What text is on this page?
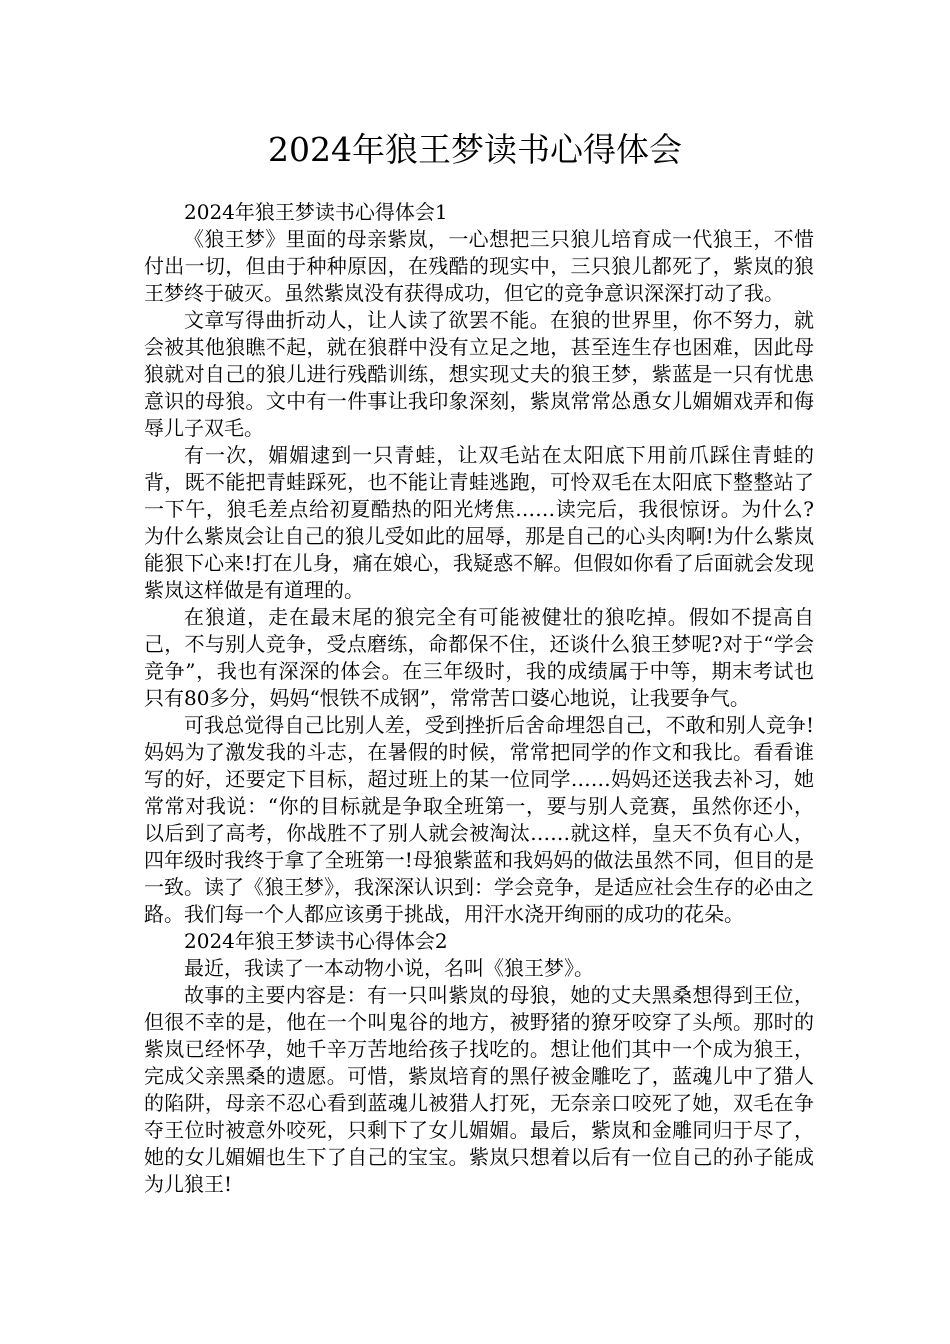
2024年狼王梦读书心得体会

2024年狼王梦读书心得体会1

《狼王梦》里面的母亲紫岚，一心想把三只狼儿培育成一代狼王，不惜付出一切，但由于种种原因，在残酷的现实中，三只狼儿都死了，紫岚的狼王梦终于破灭。虽然紫岚没有获得成功，但它的竞争意识深深打动了我。

文章写得曲折动人，让人读了欲罢不能。在狼的世界里，你不努力，就会被其他狼瞧不起，就在狼群中没有立足之地，甚至连生存也困难，因此母狼就对自己的狼儿进行残酷训练，想实现丈夫的狼王梦，紫蓝是一只有忧患意识的母狼。文中有一件事让我印象深刻，紫岚常常怂恿女儿媚媚戏弄和侮辱儿子双毛。

有一次，媚媚逮到一只青蛙，让双毛站在太阳底下用前爪踩住青蛙的背，既不能把青蛙踩死，也不能让青蛙逃跑，可怜双毛在太阳底下整整站了一下午，狼毛差点给初夏酷热的阳光烤焦……读完后，我很惊讶。为什么?为什么紫岚会让自己的狼儿受如此的屈辱，那是自己的心头肉啊!为什么紫岚能狠下心来!打在儿身，痛在娘心，我疑惑不解。但假如你看了后面就会发现紫岚这样做是有道理的。

在狼道，走在最末尾的狼完全有可能被健壮的狼吃掉。假如不提高自己，不与别人竞争，受点磨练，命都保不住，还谈什么狼王梦呢?对于“学会竞争”，我也有深深的体会。在三年级时，我的成绩属于中等，期末考试也只有80多分，妈妈“恨铁不成钢”，常常苦口婆心地说，让我要争气。

可我总觉得自己比别人差，受到挫折后舍命埋怨自己，不敢和别人竞争!妈妈为了激发我的斗志，在暑假的时候，常常把同学的作文和我比。看看谁写的好，还要定下目标，超过班上的某一位同学……妈妈还送我去补习，她常常对我说：“你的目标就是争取全班第一，要与别人竞赛，虽然你还小，以后到了高考，你战胜不了别人就会被淘汰……就这样，皇天不负有心人，四年级时我终于拿了全班第一!母狼紫蓝和我妈妈的做法虽然不同，但目的是一致。读了《狼王梦》，我深深认识到：学会竞争，是适应社会生存的必由之路。我们每一个人都应该勇于挑战，用汗水浇开绚丽的成功的花朵。

2024年狼王梦读书心得体会2

最近，我读了一本动物小说，名叫《狼王梦》。

故事的主要内容是：有一只叫紫岚的母狼，她的丈夫黑桑想得到王位，但很不幸的是，他在一个叫鬼谷的地方，被野猪的獠牙咬穿了头颅。那时的紫岚已经怀孕，她千辛万苦地给孩子找吃的。想让他们其中一个成为狼王，完成父亲黑桑的遗愿。可惜，紫岚培育的黑仔被金雕吃了，蓝魂儿中了猎人的陷阱，母亲不忍心看到蓝魂儿被猎人打死，无奈亲口咬死了她，双毛在争夺王位时被意外咬死，只剩下了女儿媚媚。最后，紫岚和金雕同归于尽了，她的女儿媚媚也生下了自己的宝宝。紫岚只想着以后有一位自己的孙子能成为儿狼王!
